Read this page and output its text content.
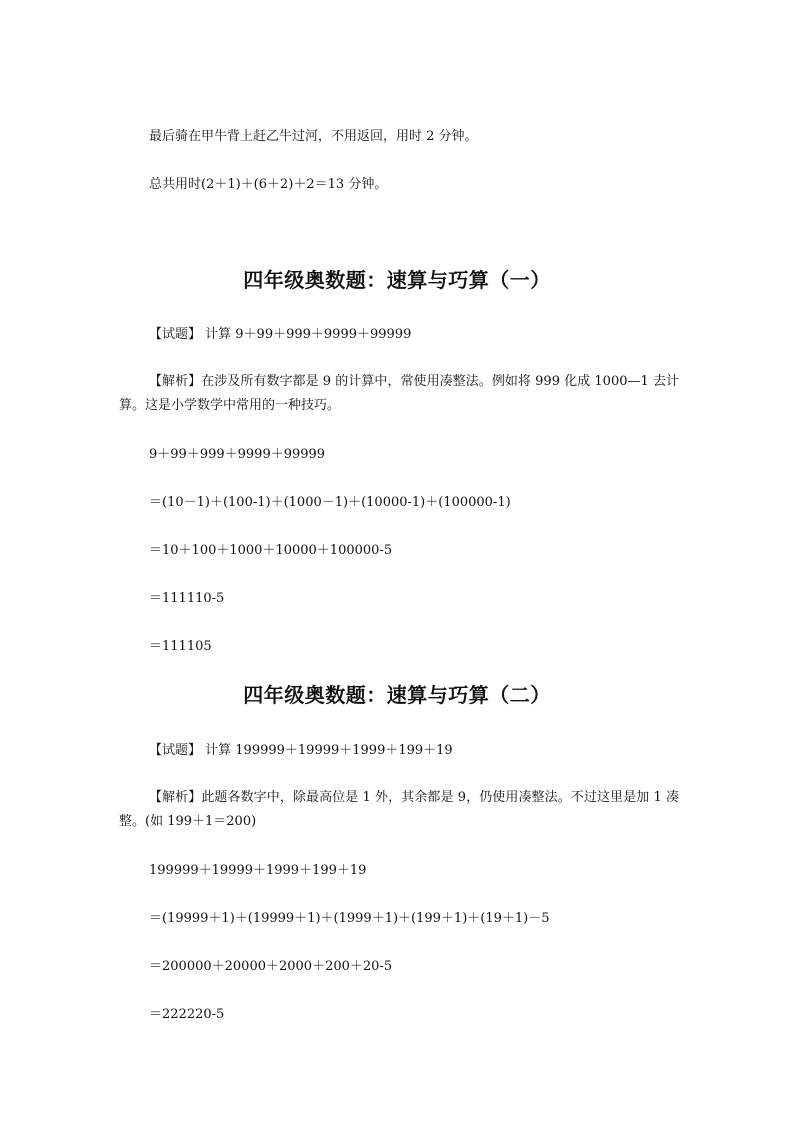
最后骑在甲牛背上赶乙牛过河，不用返回，用时 2 分钟。
总共用时(2＋1)＋(6＋2)＋2＝13 分钟。
四年级奥数题：速算与巧算（一）
【试题】 计算 9＋99＋999＋9999＋99999
【解析】在涉及所有数字都是 9 的计算中，常使用凑整法。例如将 999 化成 1000—1 去计算。这是小学数学中常用的一种技巧。
9＋99＋999＋9999＋99999
＝(10－1)＋(100-1)＋(1000－1)＋(10000-1)＋(100000-1)
＝10＋100＋1000＋10000＋100000-5
＝111110-5
＝111105
四年级奥数题：速算与巧算（二）
【试题】 计算 199999＋19999＋1999＋199＋19
【解析】此题各数字中，除最高位是 1 外，其余都是 9，仍使用凑整法。不过这里是加 1 凑整。(如 199＋1＝200)
199999＋19999＋1999＋199＋19
＝(19999＋1)＋(19999＋1)＋(1999＋1)＋(199＋1)＋(19＋1)－5
＝200000＋20000＋2000＋200＋20-5
＝222220-5
